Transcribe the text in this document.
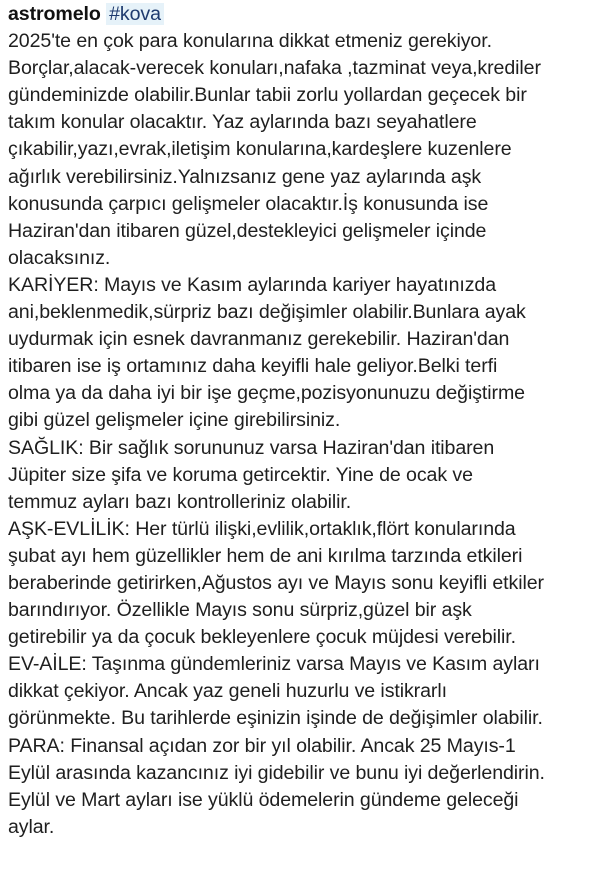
astromelo #kova
2025'te en çok para konularına dikkat etmeniz gerekiyor.
Borçlar,alacak-verecek konuları,nafaka ,tazminat veya,krediler
gündeminizde olabilir.Bunlar tabii zorlu yollardan geçecek bir
takım konular olacaktır. Yaz aylarında bazı seyahatlere
çıkabilir,yazı,evrak,iletişim konularına,kardeşlere kuzenlere
ağırlık verebilirsiniz.Yalnızsanız gene yaz aylarında aşk
konusunda çarpıcı gelişmeler olacaktır.İş konusunda ise
Haziran'dan itibaren güzel,destekleyici gelişmeler içinde
olacaksınız.
KARİYER: Mayıs ve Kasım aylarında kariyer hayatınızda
ani,beklenmedik,sürpriz bazı değişimler olabilir.Bunlara ayak
uydurmak için esnek davranmanız gerekebilir. Haziran'dan
itibaren ise iş ortamınız daha keyifli hale geliyor.Belki terfi
olma ya da daha iyi bir işe geçme,pozisyonunuzu değiştirme
gibi güzel gelişmeler içine girebilirsiniz.
SAĞLIK: Bir sağlık sorununuz varsa Haziran'dan itibaren
Jüpiter size şifa ve koruma getircektir. Yine de ocak ve
temmuz ayları bazı kontrolleriniz olabilir.
AŞK-EVLİLİK: Her türlü ilişki,evlilik,ortaklık,flört konularında
şubat ayı hem güzellikler hem de ani kırılma tarzında etkileri
beraberinde getirirken,Ağustos ayı ve Mayıs sonu keyifli etkiler
barındırıyor. Özellikle Mayıs sonu sürpriz,güzel bir aşk
getirebilir ya da çocuk bekleyenlere çocuk müjdesi verebilir.
EV-AİLE: Taşınma gündemleriniz varsa Mayıs ve Kasım ayları
dikkat çekiyor. Ancak yaz geneli huzurlu ve istikrarlı
görünmekte. Bu tarihlerde eşinizin işinde de değişimler olabilir.
PARA: Finansal açıdan zor bir yıl olabilir. Ancak 25 Mayıs-1
Eylül arasında kazancınız iyi gidebilir ve bunu iyi değerlendirin.
Eylül ve Mart ayları ise yüklü ödemelerin gündeme geleceği
aylar.
